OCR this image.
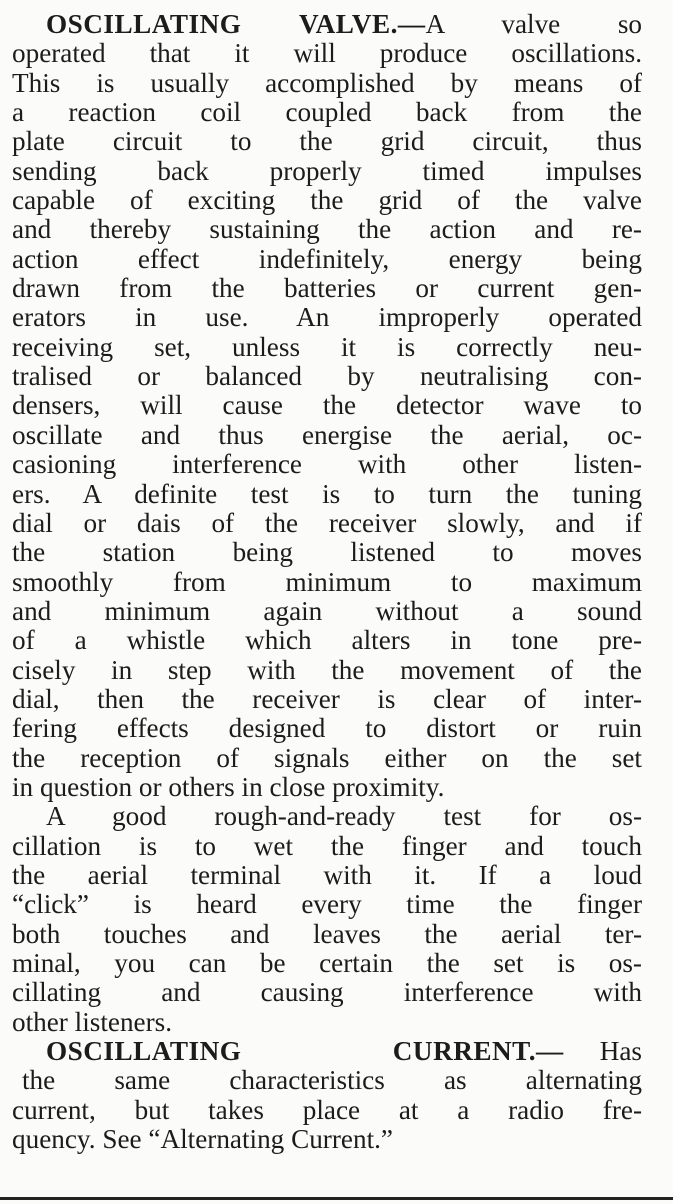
OSCILLATING VALVE.—A valve so
operated that it will produce oscillations.
This is usually accomplished by means of
a reaction coil coupled back from the
plate circuit to the grid circuit, thus
sending back properly timed impulses
capable of exciting the grid of the valve
and thereby sustaining the action and re-
action effect indefinitely, energy being
drawn from the batteries or current gen-
erators in use. An improperly operated
receiving set, unless it is correctly neu-
tralised or balanced by neutralising con-
densers, will cause the detector wave to
oscillate and thus energise the aerial, oc-
casioning interference with other listen-
ers. A definite test is to turn the tuning
dial or dais of the receiver slowly, and if
the station being listened to moves
smoothly from minimum to maximum
and minimum again without a sound
of a whistle which alters in tone pre-
cisely in step with the movement of the
dial, then the receiver is clear of inter-
fering effects designed to distort or ruin
the reception of signals either on the set
in question or others in close proximity.
A good rough-and-ready test for os-
cillation is to wet the finger and touch
the aerial terminal with it. If a loud
“click” is heard every time the finger
both touches and leaves the aerial ter-
minal, you can be certain the set is os-
cillating and causing interference with
other listeners.
OSCILLATING CURRENT.— Has
the same characteristics as alternating
current, but takes place at a radio fre-
quency. See “Alternating Current.”
